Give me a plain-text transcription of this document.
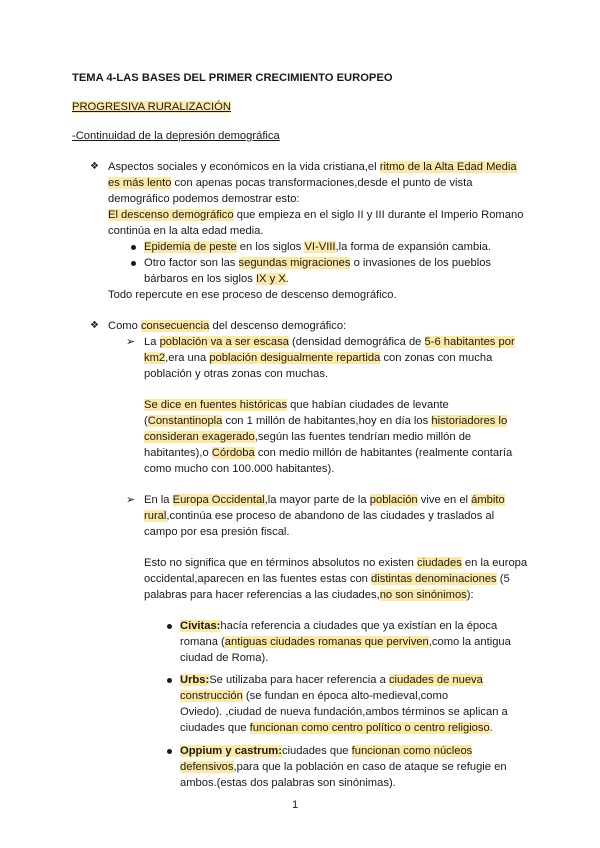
TEMA 4-LAS BASES DEL PRIMER CRECIMIENTO EUROPEO
PROGRESIVA RURALIZACIÓN
-Continuidad de la depresión demográfica
❖ Aspectos sociales y económicos en la vida cristiana,el ritmo de la Alta Edad Media
es más lento con apenas pocas transformaciones,desde el punto de vista
demográfico podemos demostrar esto:
El descenso demográfico que empieza en el siglo II y III durante el Imperio Romano
continúa en la alta edad media.
Epidemia de peste en los siglos VI-VIII,la forma de expansión cambia.
Otro factor son las segundas migraciones o invasiones de los pueblos
bárbaros en los siglos IX y X.
Todo repercute en ese proceso de descenso demográfico.
❖ Como consecuencia del descenso demográfico:
➢ La población va a ser escasa (densidad demográfica de 5-6 habitantes por
km2,era una población desigualmente repartida con zonas con mucha
población y otras zonas con muchas.
Se dice en fuentes históricas que habían ciudades de levante
(Constantinopla con 1 millón de habitantes,hoy en día los historiadores lo
consideran exagerado,según las fuentes tendrían medio millón de
habitantes),o Córdoba con medio millón de habitantes (realmente contaría
como mucho con 100.000 habitantes).
➢ En la Europa Occidental,la mayor parte de la población vive en el ámbito
rural,continúa ese proceso de abandono de las ciudades y traslados al
campo por esa presión fiscal.
Esto no significa que en términos absolutos no existen ciudades en la europa
occidental,aparecen en las fuentes estas con distintas denominaciones (5
palabras para hacer referencias a las ciudades,no son sinónimos):
Civitas:hacía referencia a ciudades que ya existían en la época
romana (antiguas ciudades romanas que perviven,como la antigua
ciudad de Roma).
Urbs:Se utilizaba para hacer referencia a ciudades de nueva
construcción (se fundan en época alto-medieval,como
Oviedo). ,ciudad de nueva fundación,ambos términos se aplican a
ciudades que funcionan como centro político o centro religioso.
Oppium y castrum:ciudades que funcionan como núcleos
defensivos,para que la población en caso de ataque se refugie en
ambos.(estas dos palabras son sinónimas).
1
